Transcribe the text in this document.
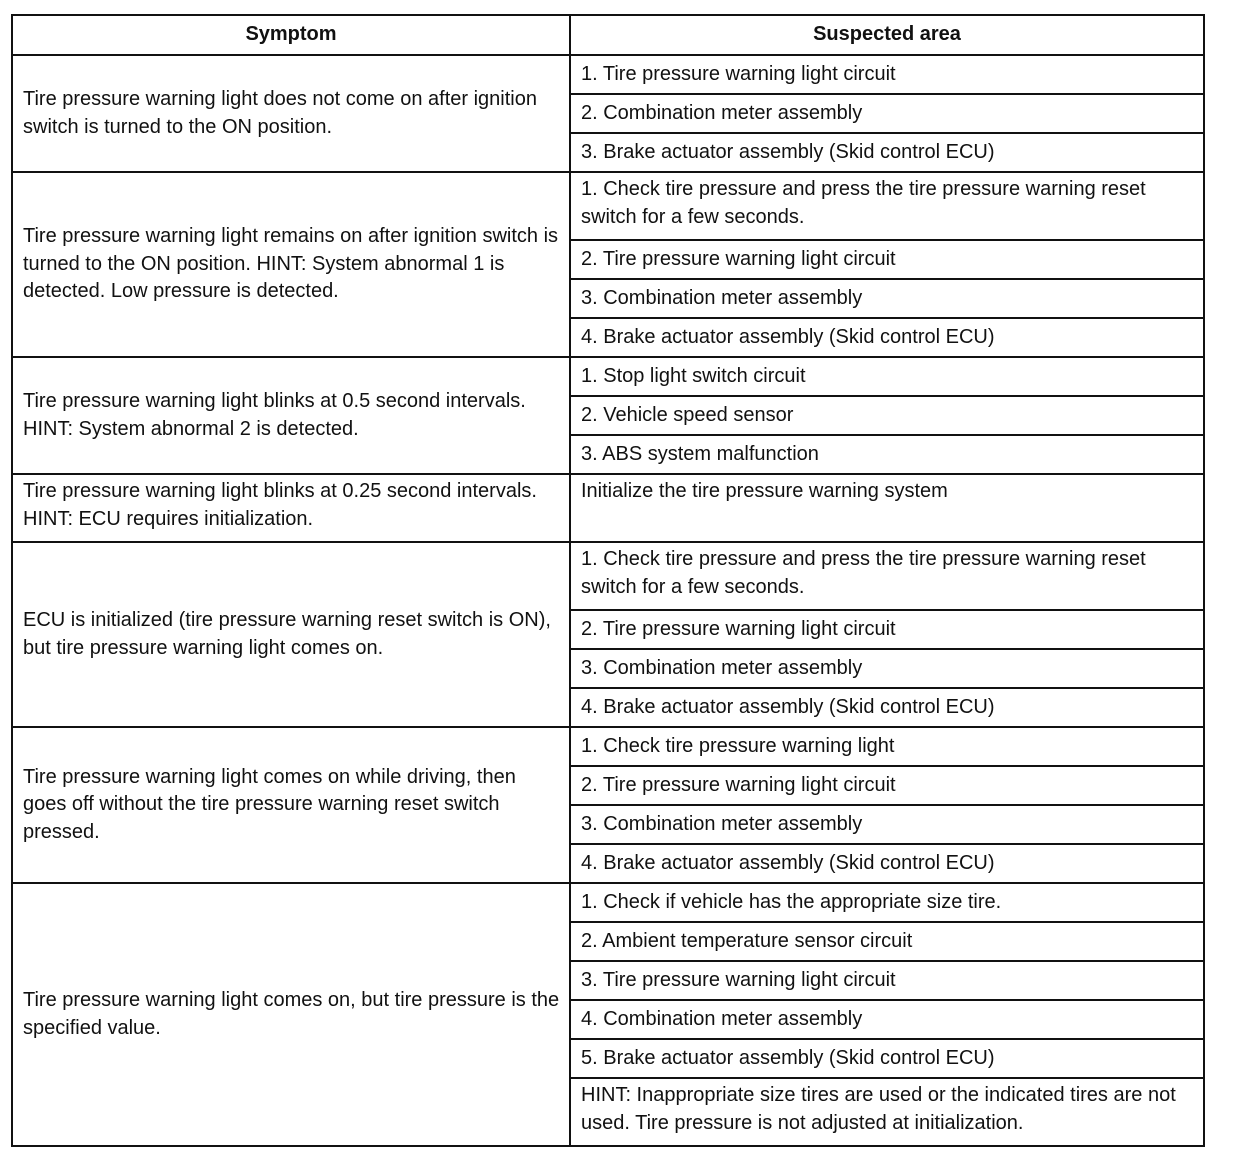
Symptom	Suspected area
Tire pressure warning light does not come on after ignition switch is turned to the ON position.	1. Tire pressure warning light circuit
	2. Combination meter assembly
	3. Brake actuator assembly (Skid control ECU)
Tire pressure warning light remains on after ignition switch is turned to the ON position. HINT: System abnormal 1 is detected. Low pressure is detected.	1. Check tire pressure and press the tire pressure warning reset switch for a few seconds.
	2. Tire pressure warning light circuit
	3. Combination meter assembly
	4. Brake actuator assembly (Skid control ECU)
Tire pressure warning light blinks at 0.5 second intervals. HINT: System abnormal 2 is detected.	1. Stop light switch circuit
	2. Vehicle speed sensor
	3. ABS system malfunction
Tire pressure warning light blinks at 0.25 second intervals. HINT: ECU requires initialization.	Initialize the tire pressure warning system
ECU is initialized (tire pressure warning reset switch is ON), but tire pressure warning light comes on.	1. Check tire pressure and press the tire pressure warning reset switch for a few seconds.
	2. Tire pressure warning light circuit
	3. Combination meter assembly
	4. Brake actuator assembly (Skid control ECU)
Tire pressure warning light comes on while driving, then goes off without the tire pressure warning reset switch pressed.	1. Check tire pressure warning light
	2. Tire pressure warning light circuit
	3. Combination meter assembly
	4. Brake actuator assembly (Skid control ECU)
Tire pressure warning light comes on, but tire pressure is the specified value.	1. Check if vehicle has the appropriate size tire.
	2. Ambient temperature sensor circuit
	3. Tire pressure warning light circuit
	4. Combination meter assembly
	5. Brake actuator assembly (Skid control ECU)
	HINT: Inappropriate size tires are used or the indicated tires are not used. Tire pressure is not adjusted at initialization.
